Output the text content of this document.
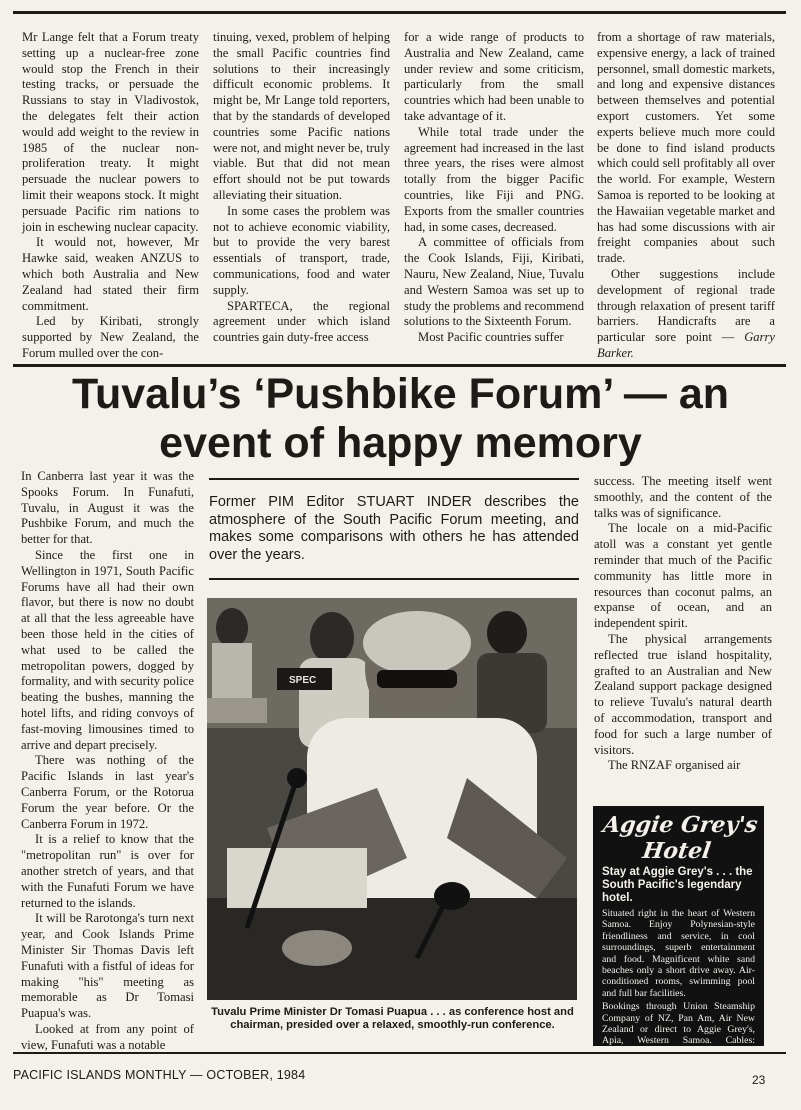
Mr Lange felt that a Forum treaty setting up a nuclear-free zone would stop the French in their testing tracks, or persuade the Russians to stay in Vladivostok, the delegates felt their action would add weight to the review in 1985 of the nuclear non-proliferation treaty. It might persuade the nuclear powers to limit their weapons stock. It might persuade Pacific rim nations to join in eschewing nuclear capacity.

It would not, however, Mr Hawke said, weaken ANZUS to which both Australia and New Zealand had stated their firm commitment.

Led by Kiribati, strongly supported by New Zealand, the Forum mulled over the con-

tinuing, vexed, problem of helping the small Pacific countries find solutions to their increasingly difficult economic problems. It might be, Mr Lange told reporters, that by the standards of developed countries some Pacific nations were not, and might never be, truly viable. But that did not mean effort should not be put towards alleviating their situation.

In some cases the problem was not to achieve economic viability, but to provide the very barest essentials of transport, trade, communications, food and water supply.

SPARTECA, the regional agreement under which island countries gain duty-free access

for a wide range of products to Australia and New Zealand, came under review and some criticism, particularly from the small countries which had been unable to take advantage of it.

While total trade under the agreement had increased in the last three years, the rises were almost totally from the bigger Pacific countries, like Fiji and PNG. Exports from the smaller countries had, in some cases, decreased.

A committee of officials from the Cook Islands, Fiji, Kiribati, Nauru, New Zealand, Niue, Tuvalu and Western Samoa was set up to study the problems and recommend solutions to the Sixteenth Forum.

Most Pacific countries suffer

from a shortage of raw materials, expensive energy, a lack of trained personnel, small domestic markets, and long and expensive distances between themselves and potential export customers. Yet some experts believe much more could be done to find island products which could sell profitably all over the world. For example, Western Samoa is reported to be looking at the Hawaiian vegetable market and has had some discussions with air freight companies about such trade.

Other suggestions include development of regional trade through relaxation of present tariff barriers. Handicrafts are a particular sore point — Garry Barker.

Tuvalu’s ‘Pushbike Forum’ — an
event of happy memory

In Canberra last year it was the Spooks Forum. In Funafuti, Tuvalu, in August it was the Pushbike Forum, and much the better for that.

Since the first one in Wellington in 1971, South Pacific Forums have all had their own flavor, but there is now no doubt at all that the less agreeable have been those held in the cities of what used to be called the metropolitan powers, dogged by formality, and with security police beating the bushes, manning the hotel lifts, and riding convoys of fast-moving limousines timed to arrive and depart precisely.

There was nothing of the Pacific Islands in last year's Canberra Forum, or the Rotorua Forum the year before. Or the Canberra Forum in 1972.

It is a relief to know that the "metropolitan run" is over for another stretch of years, and that with the Funafuti Forum we have returned to the islands.

It will be Rarotonga's turn next year, and Cook Islands Prime Minister Sir Thomas Davis left Funafuti with a fistful of ideas for making "his" meeting as memorable as Dr Tomasi Puapua's was.

Looked at from any point of view, Funafuti was a notable

Former PIM Editor STUART INDER describes the atmosphere of the South Pacific Forum meeting, and makes some comparisons with others he has attended over the years.
SPEC
Tuvalu Prime Minister Dr Tomasi Puapua . . . as conference host and chairman, presided over a relaxed, smoothly-run conference.

success. The meeting itself went smoothly, and the content of the talks was of significance.

The locale on a mid-Pacific atoll was a constant yet gentle reminder that much of the Pacific community has little more in resources than coconut palms, an expanse of ocean, and an independent spirit.

The physical arrangements reflected true island hospitality, grafted to an Australian and New Zealand support package designed to relieve Tuvalu's natural dearth of accommodation, transport and food for such a large number of visitors.

The RNZAF organised air

Aggie Grey's Hotel
Stay at Aggie Grey's . . . the South Pacific's legendary hotel.

Situated right in the heart of Western Samoa. Enjoy Polynesian-style friendliness and service, in cool surroundings, superb entertainment and food. Magnificent white sand beaches only a short drive away. Air-conditioned rooms, swimming pool and full bar facilities.

Bookings through Union Steamship Company of NZ, Pan Am, Air New Zealand or direct to Aggie Grey's, Apia, Western Samoa. Cables:

PACIFIC ISLANDS MONTHLY — OCTOBER, 1984	23
